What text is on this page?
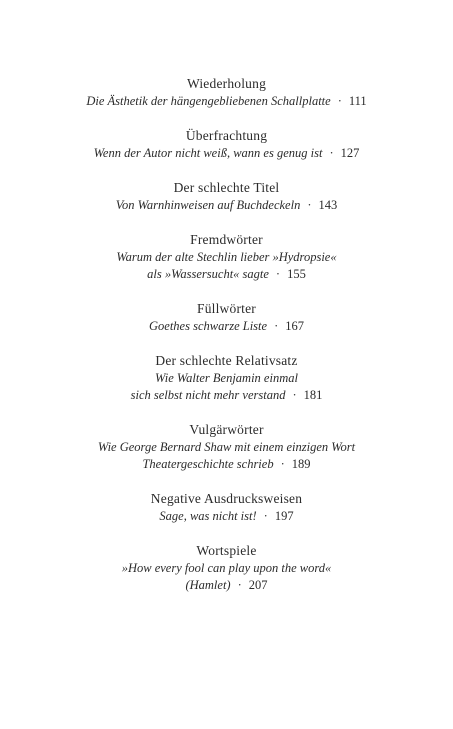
Wiederholung
Die Ästhetik der hängengebliebenen Schallplatte · 111
Überfrachtung
Wenn der Autor nicht weiß, wann es genug ist · 127
Der schlechte Titel
Von Warnhinweisen auf Buchdeckeln · 143
Fremdwörter
Warum der alte Stechlin lieber »Hydropsie«
als »Wassersucht« sagte · 155
Füllwörter
Goethes schwarze Liste · 167
Der schlechte Relativsatz
Wie Walter Benjamin einmal
sich selbst nicht mehr verstand · 181
Vulgärwörter
Wie George Bernard Shaw mit einem einzigen Wort
Theatergeschichte schrieb · 189
Negative Ausdrucksweisen
Sage, was nicht ist! · 197
Wortspiele
»How every fool can play upon the word«
(Hamlet) · 207
